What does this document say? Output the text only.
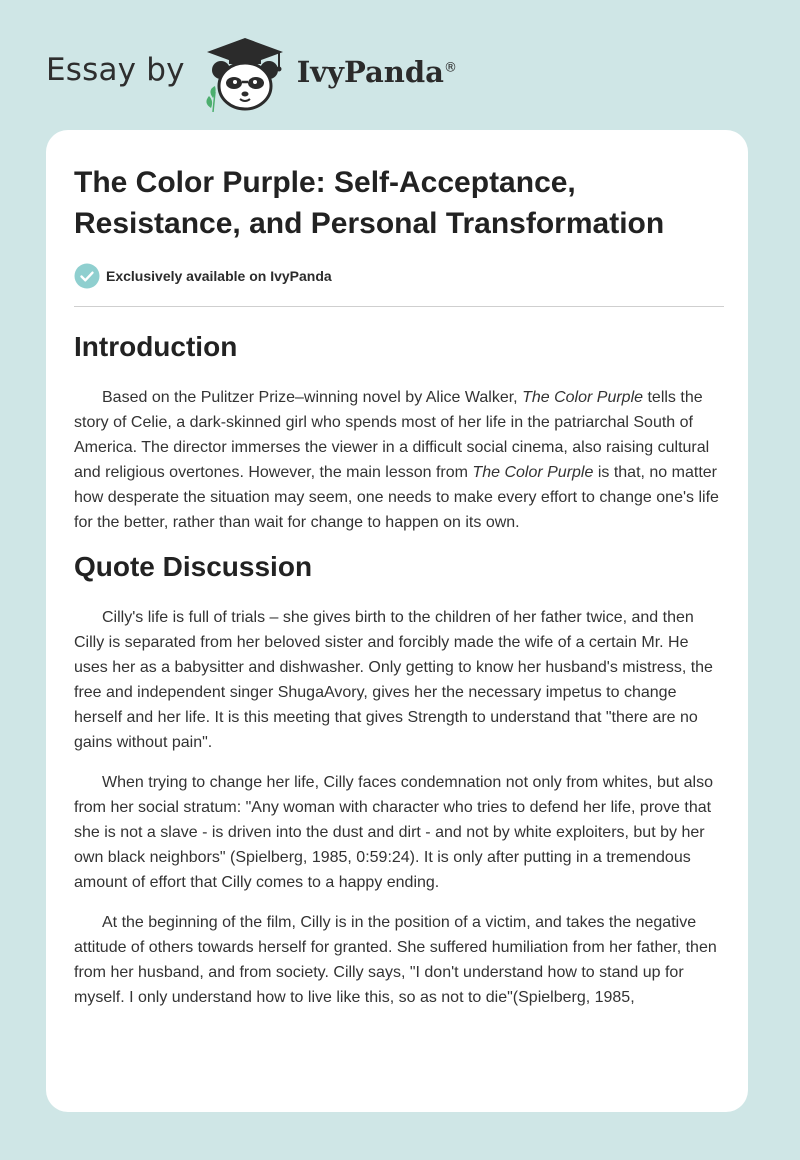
Essay by	IvyPanda®
The Color Purple: Self-Acceptance, Resistance, and Personal Transformation
Exclusively available on IvyPanda
Introduction

Based on the Pulitzer Prize–winning novel by Alice Walker, The Color Purple tells the story of Celie, a dark-skinned girl who spends most of her life in the patriarchal South of America. The director immerses the viewer in a difficult social cinema, also raising cultural and religious overtones. However, the main lesson from The Color Purple is that, no matter how desperate the situation may seem, one needs to make every effort to change one's life for the better, rather than wait for change to happen on its own.

Quote Discussion

Cilly's life is full of trials – she gives birth to the children of her father twice, and then Cilly is separated from her beloved sister and forcibly made the wife of a certain Mr. He uses her as a babysitter and dishwasher. Only getting to know her husband's mistress, the free and independent singer ShugaAvory, gives her the necessary impetus to change herself and her life. It is this meeting that gives Strength to understand that "there are no gains without pain".

When trying to change her life, Cilly faces condemnation not only from whites, but also from her social stratum: "Any woman with character who tries to defend her life, prove that she is not a slave - is driven into the dust and dirt - and not by white exploiters, but by her own black neighbors" (Spielberg, 1985, 0:59:24). It is only after putting in a tremendous amount of effort that Cilly comes to a happy ending.

At the beginning of the film, Cilly is in the position of a victim, and takes the negative attitude of others towards herself for granted. She suffered humiliation from her father, then from her husband, and from society. Cilly says, "I don't understand how to stand up for myself. I only understand how to live like this, so as not to die"(Spielberg, 1985,
